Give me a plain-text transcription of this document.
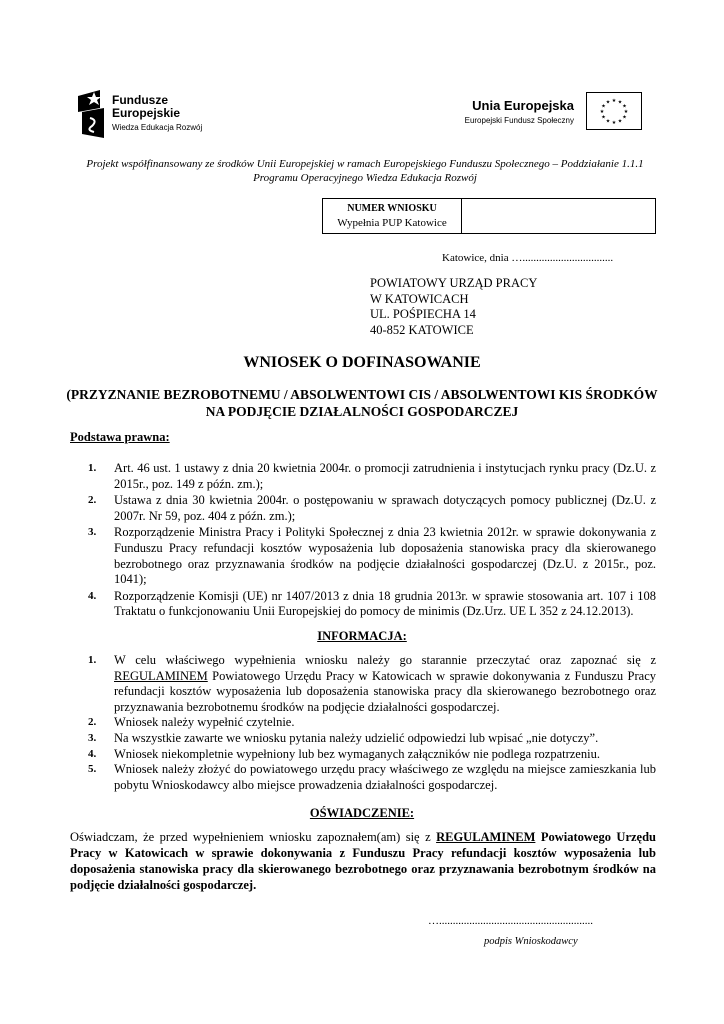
Fundusze
Europejskie
Wiedza Edukacja Rozwój
Unia Europejska
Europejski Fundusz Społeczny
★ ★
★
★
★
★
★
★
★
★
★
★
Projekt współfinansowany ze środków Unii Europejskiej w ramach Europejskiego Funduszu Społecznego – Poddziałanie 1.1.1 Programu Operacyjnego Wiedza Edukacja Rozwój
NUMER WNIOSKU
Wypełnia PUP Katowice
Katowice, dnia ….................................
POWIATOWY URZĄD PRACY
W KATOWICACH
UL. POŚPIECHA 14
40-852 KATOWICE
WNIOSEK O DOFINASOWANIE
(PRZYZNANIE BEZROBOTNEMU / ABSOLWENTOWI CIS / ABSOLWENTOWI KIS ŚRODKÓW NA PODJĘCIE DZIAŁALNOŚCI GOSPODARCZEJ
Podstawa prawna:
1. Art. 46 ust. 1 ustawy z dnia 20 kwietnia 2004r. o promocji zatrudnienia i instytucjach rynku pracy (Dz.U. z 2015r., poz. 149 z późn. zm.);
2. Ustawa z dnia 30 kwietnia 2004r. o postępowaniu w sprawach dotyczących pomocy publicznej (Dz.U. z 2007r. Nr 59, poz. 404 z późn. zm.);
3. Rozporządzenie Ministra Pracy i Polityki Społecznej z dnia 23 kwietnia 2012r. w sprawie dokonywania z Funduszu Pracy refundacji kosztów wyposażenia lub doposażenia stanowiska pracy dla skierowanego bezrobotnego oraz przyznawania środków na podjęcie działalności gospodarczej (Dz.U. z 2015r., poz. 1041);
4. Rozporządzenie Komisji (UE) nr 1407/2013 z dnia 18 grudnia 2013r. w sprawie stosowania art. 107 i 108 Traktatu o funkcjonowaniu Unii Europejskiej do pomocy de minimis (Dz.Urz. UE L 352 z 24.12.2013).
INFORMACJA:
1. W celu właściwego wypełnienia wniosku należy go starannie przeczytać oraz zapoznać się z REGULAMINEM Powiatowego Urzędu Pracy w Katowicach w sprawie dokonywania z Funduszu Pracy refundacji kosztów wyposażenia lub doposażenia stanowiska pracy dla skierowanego bezrobotnego oraz przyznawania bezrobotnemu środków na podjęcie działalności gospodarczej.
2. Wniosek należy wypełnić czytelnie.
3. Na wszystkie zawarte we wniosku pytania należy udzielić odpowiedzi lub wpisać „nie dotyczy”.
4. Wniosek niekompletnie wypełniony lub bez wymaganych załączników nie podlega rozpatrzeniu.
5. Wniosek należy złożyć do powiatowego urzędu pracy właściwego ze względu na miejsce zamieszkania lub pobytu Wnioskodawcy albo miejsce prowadzenia działalności gospodarczej.
OŚWIADCZENIE:
Oświadczam, że przed wypełnieniem wniosku zapoznałem(am) się z REGULAMINEM Powiatowego Urzędu Pracy w Katowicach w sprawie dokonywania z Funduszu Pracy refundacji kosztów wyposażenia lub doposażenia stanowiska pracy dla skierowanego bezrobotnego oraz przyznawania bezrobotnym środków na podjęcie działalności gospodarczej.
…........................................................
podpis Wnioskodawcy
